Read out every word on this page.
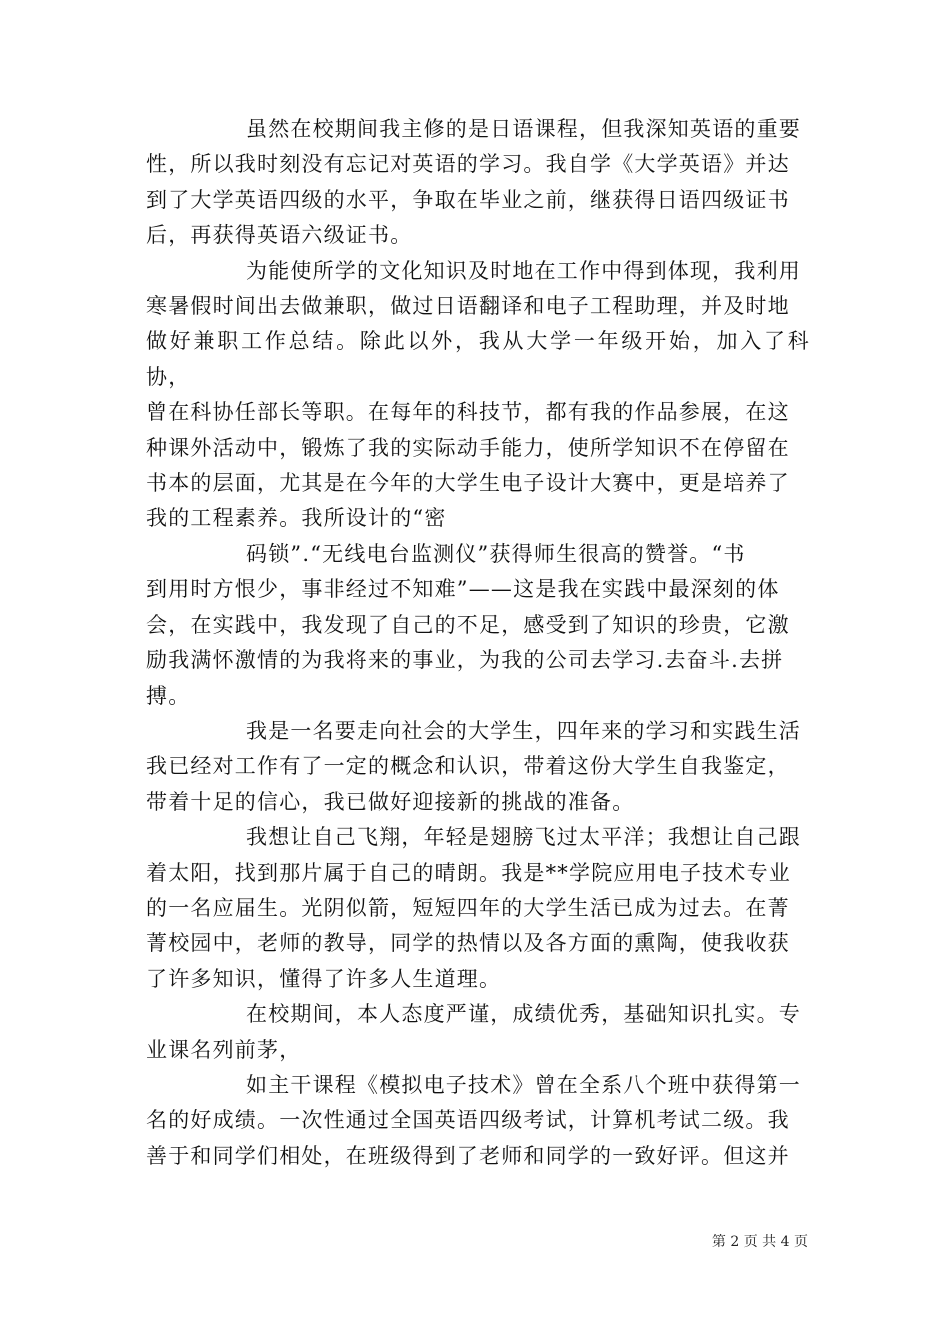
虽然在校期间我主修的是日语课程，但我深知英语的重要
性，所以我时刻没有忘记对英语的学习。我自学《大学英语》并达
到了大学英语四级的水平，争取在毕业之前，继获得日语四级证书
后，再获得英语六级证书。

为能使所学的文化知识及时地在工作中得到体现，我利用
寒暑假时间出去做兼职，做过日语翻译和电子工程助理，并及时地
做好兼职工作总结。除此以外，我从大学一年级开始，加入了科协，
曾在科协任部长等职。在每年的科技节，都有我的作品参展，在这
种课外活动中，锻炼了我的实际动手能力，使所学知识不在停留在
书本的层面，尤其是在今年的大学生电子设计大赛中，更是培养了
我的工程素养。我所设计的“密

码锁”.“无线电台监测仪”获得师生很高的赞誉。“书
到用时方恨少，事非经过不知难”——这是我在实践中最深刻的体
会，在实践中，我发现了自己的不足，感受到了知识的珍贵，它激
励我满怀激情的为我将来的事业，为我的公司去学习.去奋斗.去拼
搏。

我是一名要走向社会的大学生，四年来的学习和实践生活
我已经对工作有了一定的概念和认识，带着这份大学生自我鉴定，
带着十足的信心，我已做好迎接新的挑战的准备。

我想让自己飞翔，年轻是翅膀飞过太平洋；我想让自己跟
着太阳，找到那片属于自己的晴朗。我是**学院应用电子技术专业
的一名应届生。光阴似箭，短短四年的大学生活已成为过去。在菁
菁校园中，老师的教导，同学的热情以及各方面的熏陶，使我收获
了许多知识，懂得了许多人生道理。

在校期间，本人态度严谨，成绩优秀，基础知识扎实。专
业课名列前茅，

如主干课程《模拟电子技术》曾在全系八个班中获得第一
名的好成绩。一次性通过全国英语四级考试，计算机考试二级。我
善于和同学们相处，在班级得到了老师和同学的一致好评。但这并

第 2 页 共 4 页
